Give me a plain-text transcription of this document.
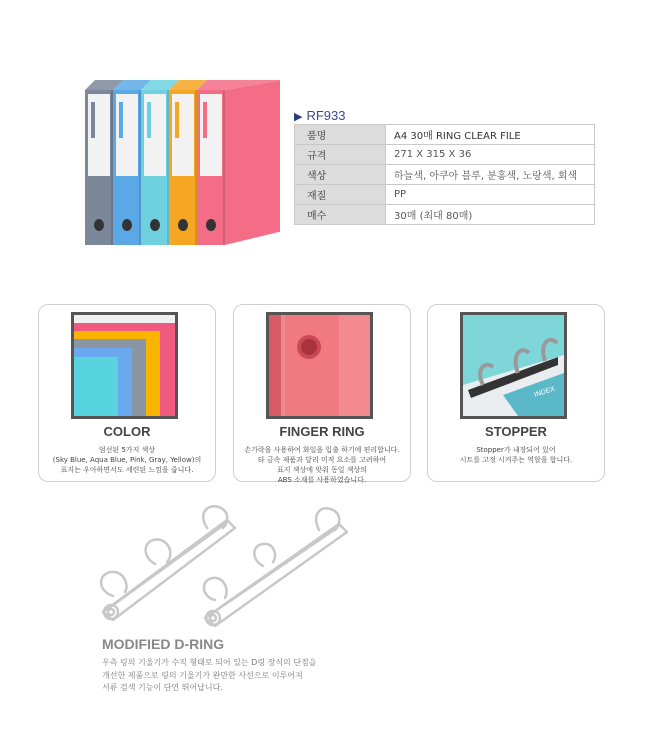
▶ RF933
품명	A4 30매 RING CLEAR FILE
규격	271 X 315 X 36
색상	하늘색, 아쿠아 블루, 분홍색, 노랑색, 회색
재질	PP
매수	30매 (최대 80매)
COLOR

엄선된 5가지 색상
(Sky Blue, Aqua Blue, Pink, Gray, Yellow)의
표지는 우아하면서도 세련된 느낌을 줍니다.

FINGER RING

손가락을 사용하여 화일을 입출 하기에 편리합니다.
타 금속 제품과 달리 미적 요소를 고려하여
표지 색상에 맞춰 동일 색상의
ABS 소재를 사용하였습니다.

INDEX
STOPPER

Stopper가 내장되어 있어
시트를 고정 시켜주는 역할을 합니다.

MODIFIED D-RING

우측 링의 기울기가 수직 형태로 되어 있는 D링 장식의 단점을
개선한 제품으로 링의 기울기가 완만한 사선으로 이루어져
서류 검색 기능이 단연 뛰어납니다.
